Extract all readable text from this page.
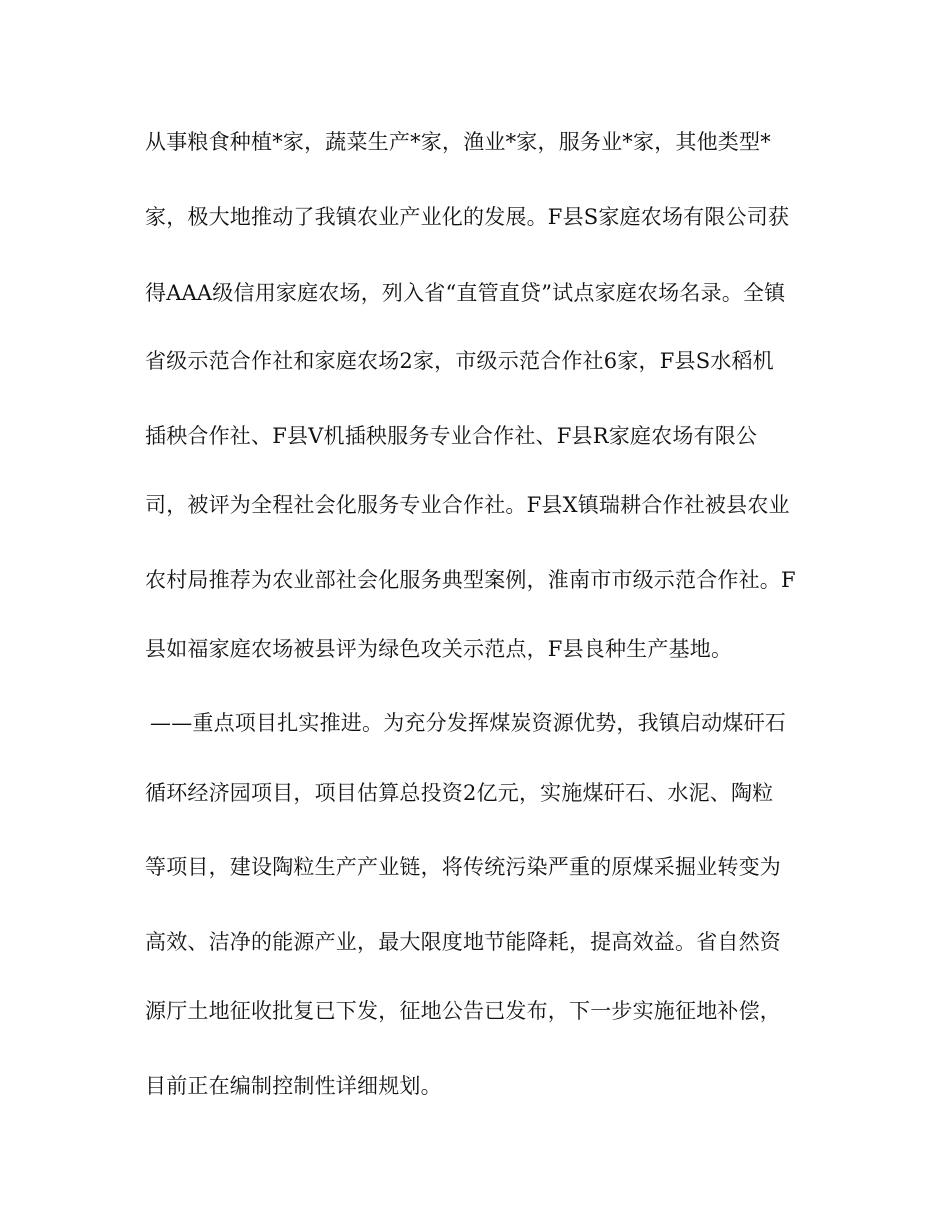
从事粮食种植*家，蔬菜生产*家，渔业*家，服务业*家，其他类型*
家，极大地推动了我镇农业产业化的发展。F县S家庭农场有限公司获
得AAA级信用家庭农场，列入省“直管直贷”试点家庭农场名录。全镇
省级示范合作社和家庭农场2家，市级示范合作社6家，F县S水稻机
插秧合作社、F县V机插秧服务专业合作社、F县R家庭农场有限公
司，被评为全程社会化服务专业合作社。F县X镇瑞耕合作社被县农业
农村局推荐为农业部社会化服务典型案例，淮南市市级示范合作社。F
县如福家庭农场被县评为绿色攻关示范点，F县良种生产基地。
——重点项目扎实推进。为充分发挥煤炭资源优势，我镇启动煤矸石
循环经济园项目，项目估算总投资2亿元，实施煤矸石、水泥、陶粒
等项目，建设陶粒生产产业链，将传统污染严重的原煤采掘业转变为
高效、洁净的能源产业，最大限度地节能降耗，提高效益。省自然资
源厅土地征收批复已下发，征地公告已发布，下一步实施征地补偿，
目前正在编制控制性详细规划。
